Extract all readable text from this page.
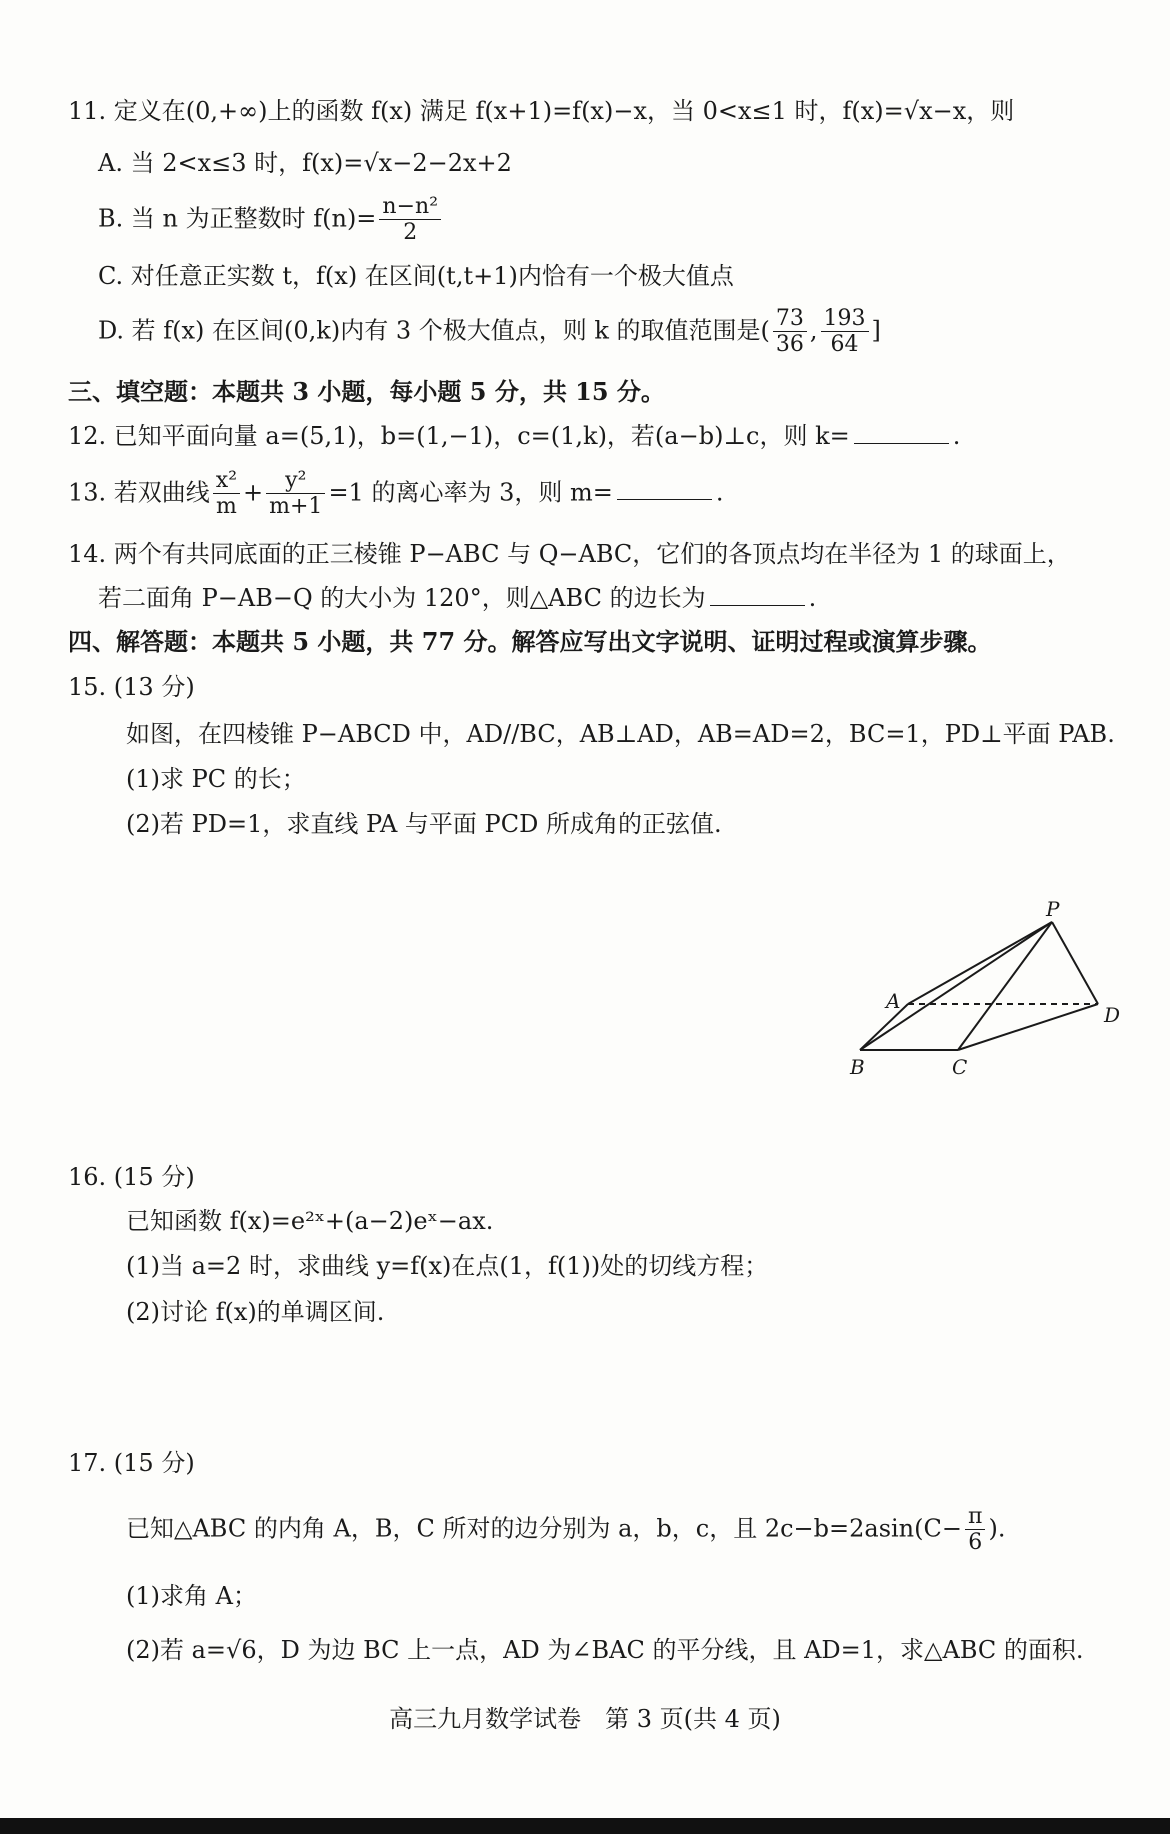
11. 定义在(0,+∞)上的函数 f(x) 满足 f(x+1)=f(x)−x，当 0<x≤1 时，f(x)=√x−x，则
A. 当 2<x≤3 时，f(x)=√x−2−2x+2
B. 当 n 为正整数时 $f(n)= \frac{\text{n−n²}}{2}$
C. 对任意正实数 t，f(x) 在区间(t,t+1)内恰有一个极大值点
D. 若 f(x) 在区间(0,k)内有 3 个极大值点，则 k 的取值范围是( $\frac{73}{36}$ , $\frac{193}{64}$ ]
三、填空题：本题共 3 小题，每小题 5 分，共 15 分。
12. 已知平面向量 a=(5,1)，b=(1,−1)，c=(1,k)，若(a−b)⊥c，则 k=	.
13. 若双曲线 $\frac{\text{x²}}{m} + \frac{\text{y²}}{m+1} =1$ 的离心率为 3，则 m=	.
14. 两个有共同底面的正三棱锥 P−ABC 与 Q−ABC，它们的各顶点均在半径为 1 的球面上，
若二面角 P−AB−Q 的大小为 120°，则△ABC 的边长为	.
四、解答题：本题共 5 小题，共 77 分。解答应写出文字说明、证明过程或演算步骤。
15. (13 分)
如图，在四棱锥 P−ABCD 中，AD//BC，AB⊥AD，AB=AD=2，BC=1，PD⊥平面 PAB.
(1)求 PC 的长；
(2)若 PD=1，求直线 PA 与平面 PCD 所成角的正弦值.
P
A
B	C
D
16. (15 分)
已知函数 f(x)=e²ˣ+(a−2)eˣ−ax.
(1)当 a=2 时，求曲线 y=f(x)在点(1，f(1))处的切线方程；
(2)讨论 f(x)的单调区间.
17. (15 分)
已知△ABC 的内角 A，B，C 所对的边分别为 a，b，c，且 $2c-b=2asin(C- \frac{\pi}{6}$ ).
(1)求角 A；
(2)若 a=√6，D 为边 BC 上一点，AD 为∠BAC 的平分线，且 AD=1，求△ABC 的面积.
高三九月数学试卷　第 3 页(共 4 页)
